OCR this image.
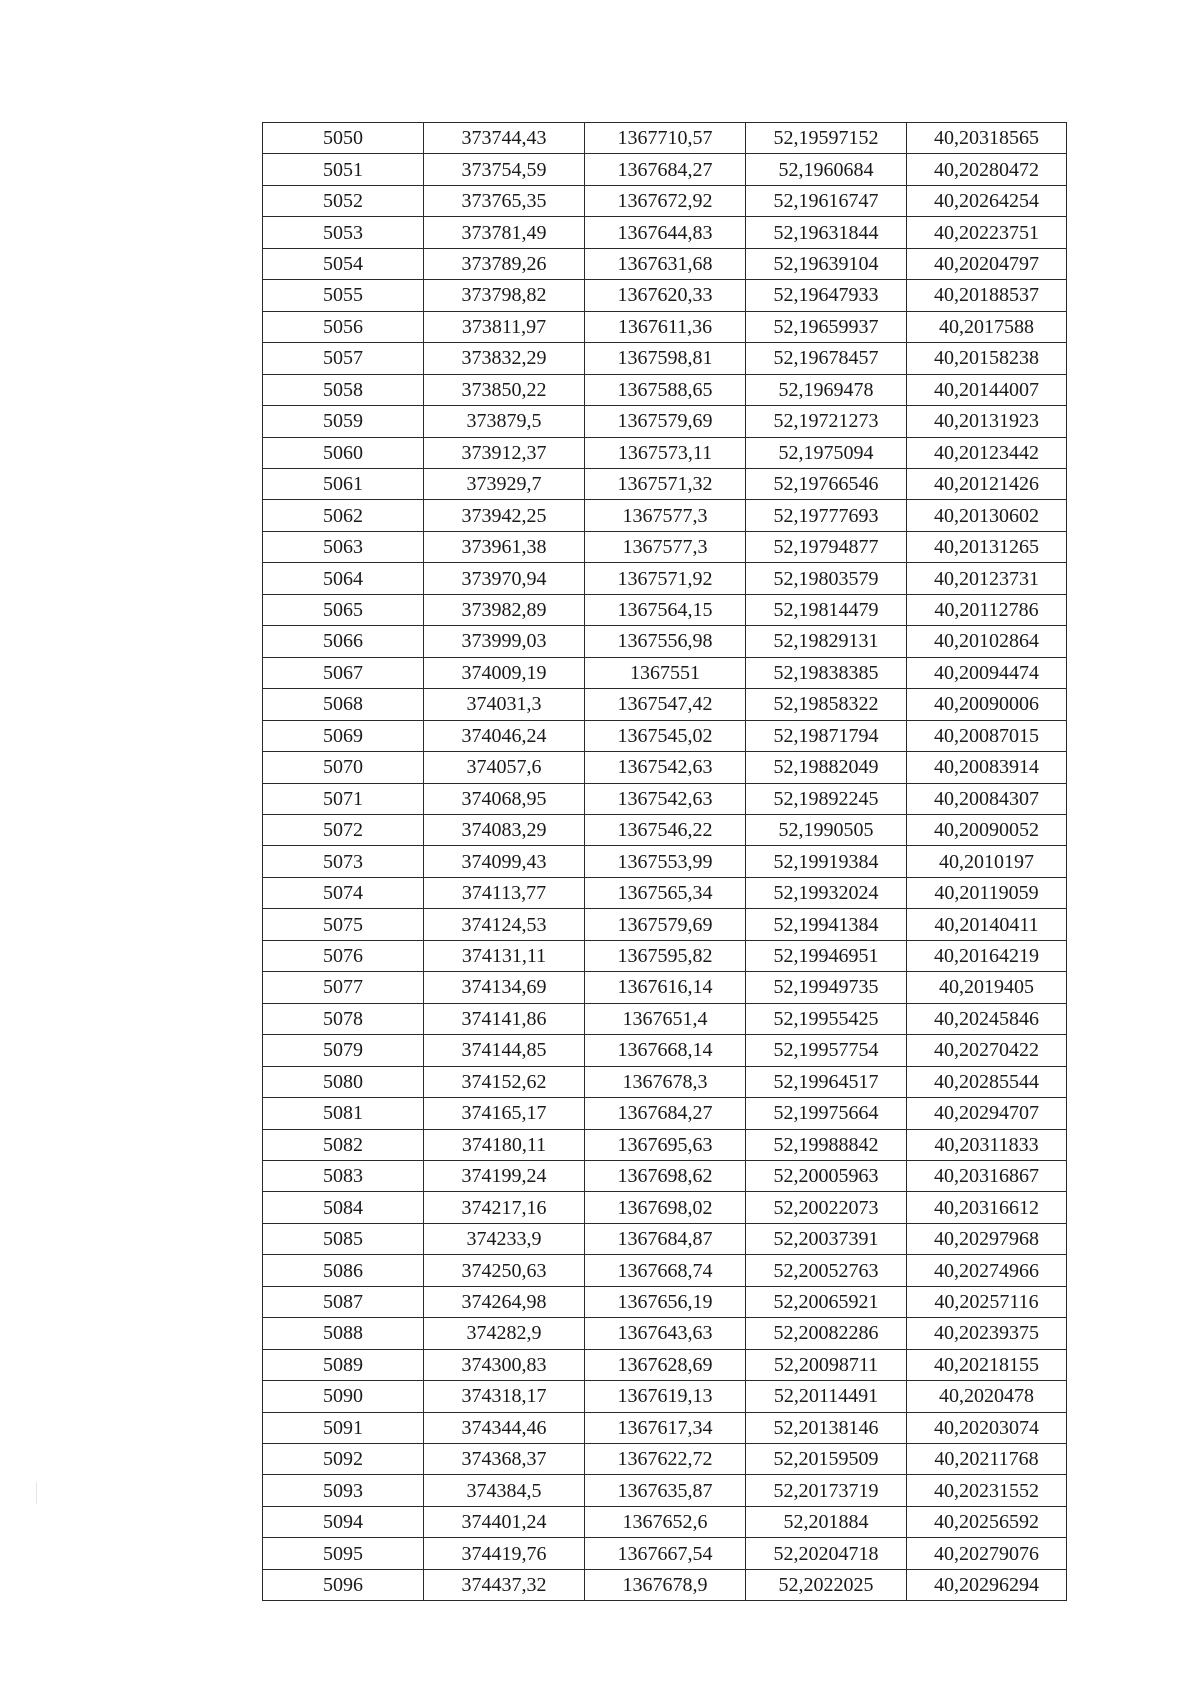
5050	373744,43	1367710,57	52,19597152	40,20318565
5051	373754,59	1367684,27	52,1960684	40,20280472
5052	373765,35	1367672,92	52,19616747	40,20264254
5053	373781,49	1367644,83	52,19631844	40,20223751
5054	373789,26	1367631,68	52,19639104	40,20204797
5055	373798,82	1367620,33	52,19647933	40,20188537
5056	373811,97	1367611,36	52,19659937	40,2017588
5057	373832,29	1367598,81	52,19678457	40,20158238
5058	373850,22	1367588,65	52,1969478	40,20144007
5059	373879,5	1367579,69	52,19721273	40,20131923
5060	373912,37	1367573,11	52,1975094	40,20123442
5061	373929,7	1367571,32	52,19766546	40,20121426
5062	373942,25	1367577,3	52,19777693	40,20130602
5063	373961,38	1367577,3	52,19794877	40,20131265
5064	373970,94	1367571,92	52,19803579	40,20123731
5065	373982,89	1367564,15	52,19814479	40,20112786
5066	373999,03	1367556,98	52,19829131	40,20102864
5067	374009,19	1367551	52,19838385	40,20094474
5068	374031,3	1367547,42	52,19858322	40,20090006
5069	374046,24	1367545,02	52,19871794	40,20087015
5070	374057,6	1367542,63	52,19882049	40,20083914
5071	374068,95	1367542,63	52,19892245	40,20084307
5072	374083,29	1367546,22	52,1990505	40,20090052
5073	374099,43	1367553,99	52,19919384	40,2010197
5074	374113,77	1367565,34	52,19932024	40,20119059
5075	374124,53	1367579,69	52,19941384	40,20140411
5076	374131,11	1367595,82	52,19946951	40,20164219
5077	374134,69	1367616,14	52,19949735	40,2019405
5078	374141,86	1367651,4	52,19955425	40,20245846
5079	374144,85	1367668,14	52,19957754	40,20270422
5080	374152,62	1367678,3	52,19964517	40,20285544
5081	374165,17	1367684,27	52,19975664	40,20294707
5082	374180,11	1367695,63	52,19988842	40,20311833
5083	374199,24	1367698,62	52,20005963	40,20316867
5084	374217,16	1367698,02	52,20022073	40,20316612
5085	374233,9	1367684,87	52,20037391	40,20297968
5086	374250,63	1367668,74	52,20052763	40,20274966
5087	374264,98	1367656,19	52,20065921	40,20257116
5088	374282,9	1367643,63	52,20082286	40,20239375
5089	374300,83	1367628,69	52,20098711	40,20218155
5090	374318,17	1367619,13	52,20114491	40,2020478
5091	374344,46	1367617,34	52,20138146	40,20203074
5092	374368,37	1367622,72	52,20159509	40,20211768
5093	374384,5	1367635,87	52,20173719	40,20231552
5094	374401,24	1367652,6	52,201884	40,20256592
5095	374419,76	1367667,54	52,20204718	40,20279076
5096	374437,32	1367678,9	52,2022025	40,20296294
